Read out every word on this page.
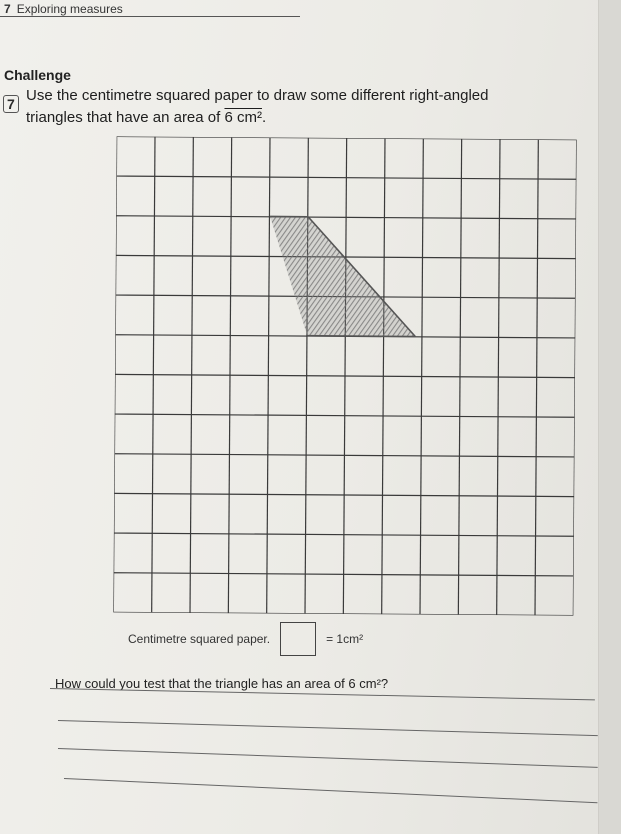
7 Exploring measures
Challenge
7 Use the centimetre squared paper to draw some different right-angled
triangles that have an area of 6 cm².
Centimetre squared paper.	= 1cm²
How could you test that the triangle has an area of 6 cm²?
